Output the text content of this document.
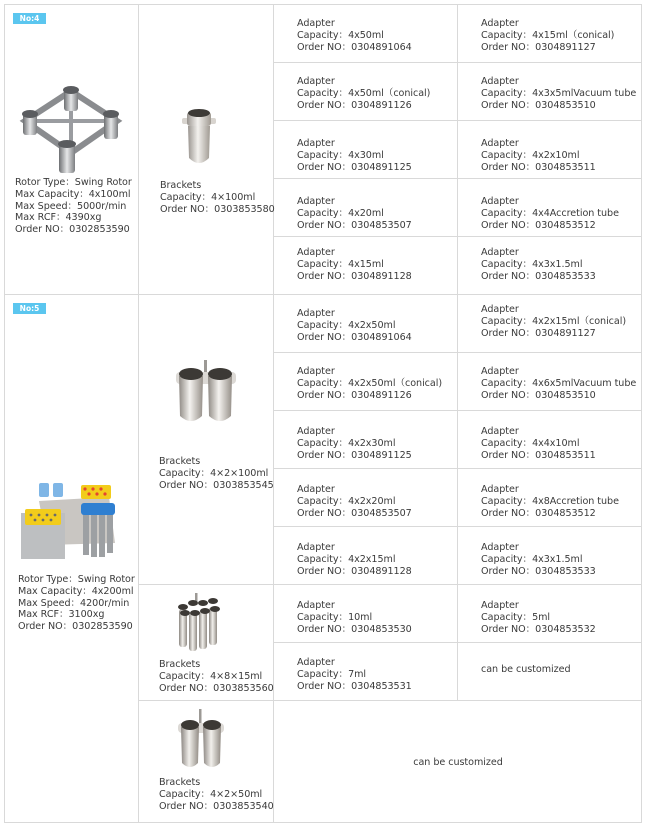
No:4
Rotor Type：Swing Rotor
Max Capacity：4x100ml
Max Speed：5000r/min
Max RCF：4390xg
Order NO：0302853590
Brackets
Capacity：4×100ml
Order NO：0303853580
Adapter
Capacity：4x50ml
Order NO：0304891064
Adapter
Capacity：4x15ml（conical)
Order NO：0304891127
Adapter
Capacity：4x50ml（conical)
Order NO：0304891126
Adapter
Capacity：4x3x5mlVacuum tube
Order NO：0304853510
Adapter
Capacity：4x30ml
Order NO：0304891125
Adapter
Capacity：4x2x10ml
Order NO：0304853511
Adapter
Capacity：4x20ml
Order NO：0304853507
Adapter
Capacity：4x4Accretion tube
Order NO：0304853512
Adapter
Capacity：4x15ml
Order NO：0304891128
Adapter
Capacity：4x3x1.5ml
Order NO：0304853533
No:5
Rotor Type：Swing Rotor
Max Capacity：4x200ml
Max Speed：4200r/min
Max RCF：3100xg
Order NO：0302853590
Brackets
Capacity：4×2×100ml
Order NO：0303853545
Adapter
Capacity：4x2x50ml
Order NO：0304891064
Adapter
Capacity：4x2x15ml（conical)
Order NO：0304891127
Adapter
Capacity：4x2x50ml（conical)
Order NO：0304891126
Adapter
Capacity：4x6x5mlVacuum tube
Order NO：0304853510
Adapter
Capacity：4x2x30ml
Order NO：0304891125
Adapter
Capacity：4x4x10ml
Order NO：0304853511
Adapter
Capacity：4x2x20ml
Order NO：0304853507
Adapter
Capacity：4x8Accretion tube
Order NO：0304853512
Adapter
Capacity：4x2x15ml
Order NO：0304891128
Adapter
Capacity：4x3x1.5ml
Order NO：0304853533
Brackets
Capacity：4×8×15ml
Order NO：0303853560
Adapter
Capacity：10ml
Order NO：0304853530
Adapter
Capacity：5ml
Order NO：0304853532
Adapter
Capacity：7ml
Order NO：0304853531
can be customized
Brackets
Capacity：4×2×50ml
Order NO：0303853540
can be customized
